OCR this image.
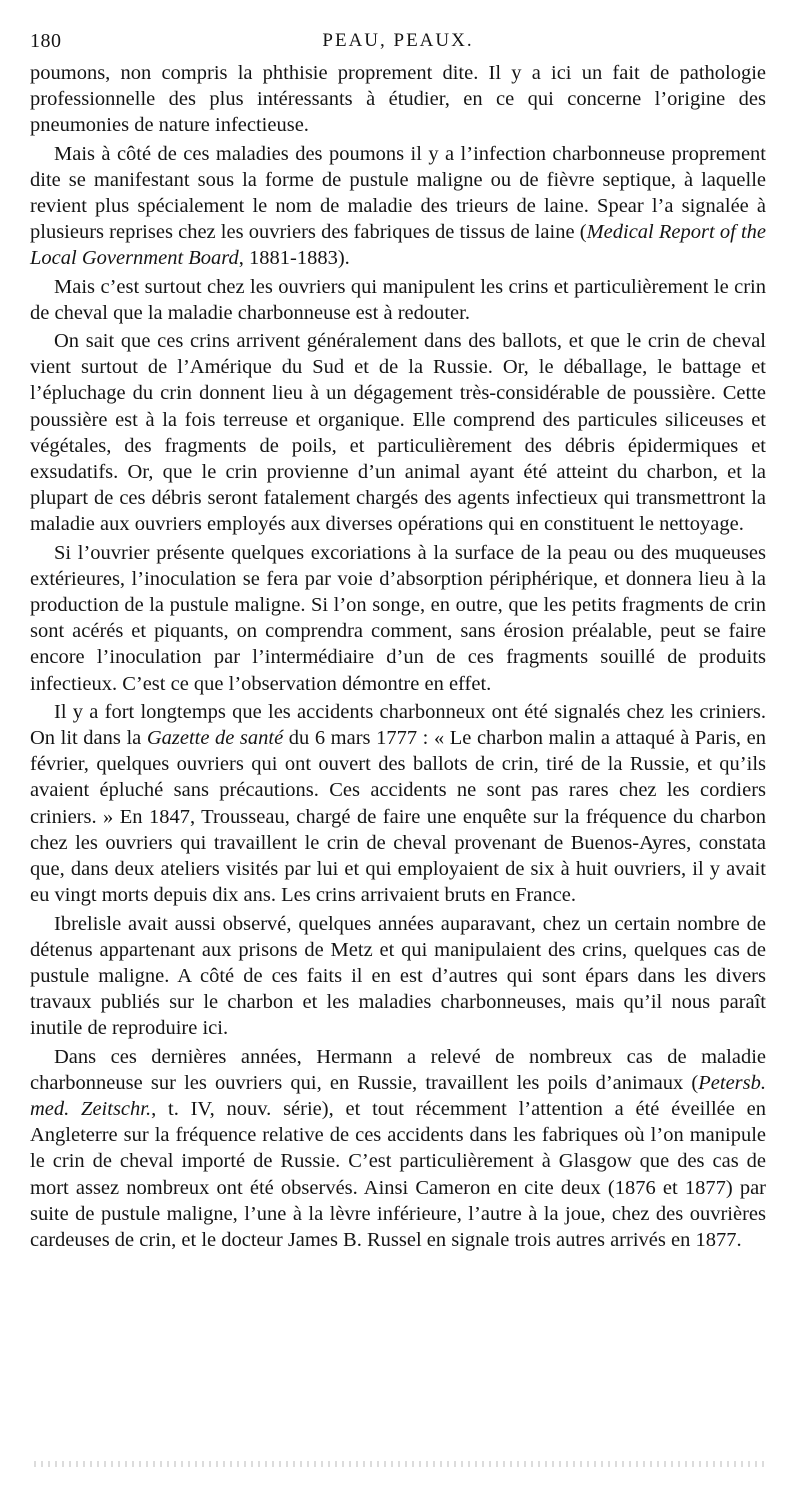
180	PEAU, PEAUX.

poumons, non compris la phthisie proprement dite. Il y a ici un fait de pathologie professionnelle des plus intéressants à étudier, en ce qui concerne l’origine des pneumonies de nature infectieuse.

Mais à côté de ces maladies des poumons il y a l’infection charbonneuse proprement dite se manifestant sous la forme de pustule maligne ou de fièvre septique, à laquelle revient plus spécialement le nom de maladie des trieurs de laine. Spear l’a signalée à plusieurs reprises chez les ouvriers des fabriques de tissus de laine (Medical Report of the Local Government Board, 1881-1883).

Mais c’est surtout chez les ouvriers qui manipulent les crins et particulièrement le crin de cheval que la maladie charbonneuse est à redouter.

On sait que ces crins arrivent généralement dans des ballots, et que le crin de cheval vient surtout de l’Amérique du Sud et de la Russie. Or, le déballage, le battage et l’épluchage du crin donnent lieu à un dégagement très-considérable de poussière. Cette poussière est à la fois terreuse et organique. Elle comprend des particules siliceuses et végétales, des fragments de poils, et particulièrement des débris épidermiques et exsudatifs. Or, que le crin provienne d’un animal ayant été atteint du charbon, et la plupart de ces débris seront fatalement chargés des agents infectieux qui transmettront la maladie aux ouvriers employés aux diverses opérations qui en constituent le nettoyage.

Si l’ouvrier présente quelques excoriations à la surface de la peau ou des muqueuses extérieures, l’inoculation se fera par voie d’absorption périphérique, et donnera lieu à la production de la pustule maligne. Si l’on songe, en outre, que les petits fragments de crin sont acérés et piquants, on comprendra comment, sans érosion préalable, peut se faire encore l’inoculation par l’intermédiaire d’un de ces fragments souillé de produits infectieux. C’est ce que l’observation démontre en effet.

Il y a fort longtemps que les accidents charbonneux ont été signalés chez les criniers. On lit dans la Gazette de santé du 6 mars 1777 : « Le charbon malin a attaqué à Paris, en février, quelques ouvriers qui ont ouvert des ballots de crin, tiré de la Russie, et qu’ils avaient épluché sans précautions. Ces accidents ne sont pas rares chez les cordiers criniers. » En 1847, Trousseau, chargé de faire une enquête sur la fréquence du charbon chez les ouvriers qui travaillent le crin de cheval provenant de Buenos-Ayres, constata que, dans deux ateliers visités par lui et qui employaient de six à huit ouvriers, il y avait eu vingt morts depuis dix ans. Les crins arrivaient bruts en France.

Ibrelisle avait aussi observé, quelques années auparavant, chez un certain nombre de détenus appartenant aux prisons de Metz et qui manipulaient des crins, quelques cas de pustule maligne. A côté de ces faits il en est d’autres qui sont épars dans les divers travaux publiés sur le charbon et les maladies charbonneuses, mais qu’il nous paraît inutile de reproduire ici.

Dans ces dernières années, Hermann a relevé de nombreux cas de maladie charbonneuse sur les ouvriers qui, en Russie, travaillent les poils d’animaux (Petersb. med. Zeitschr., t. IV, nouv. série), et tout récemment l’attention a été éveillée en Angleterre sur la fréquence relative de ces accidents dans les fabriques où l’on manipule le crin de cheval importé de Russie. C’est particulièrement à Glasgow que des cas de mort assez nombreux ont été observés. Ainsi Cameron en cite deux (1876 et 1877) par suite de pustule maligne, l’une à la lèvre inférieure, l’autre à la joue, chez des ouvrières cardeuses de crin, et le docteur James B. Russel en signale trois autres arrivés en 1877.
